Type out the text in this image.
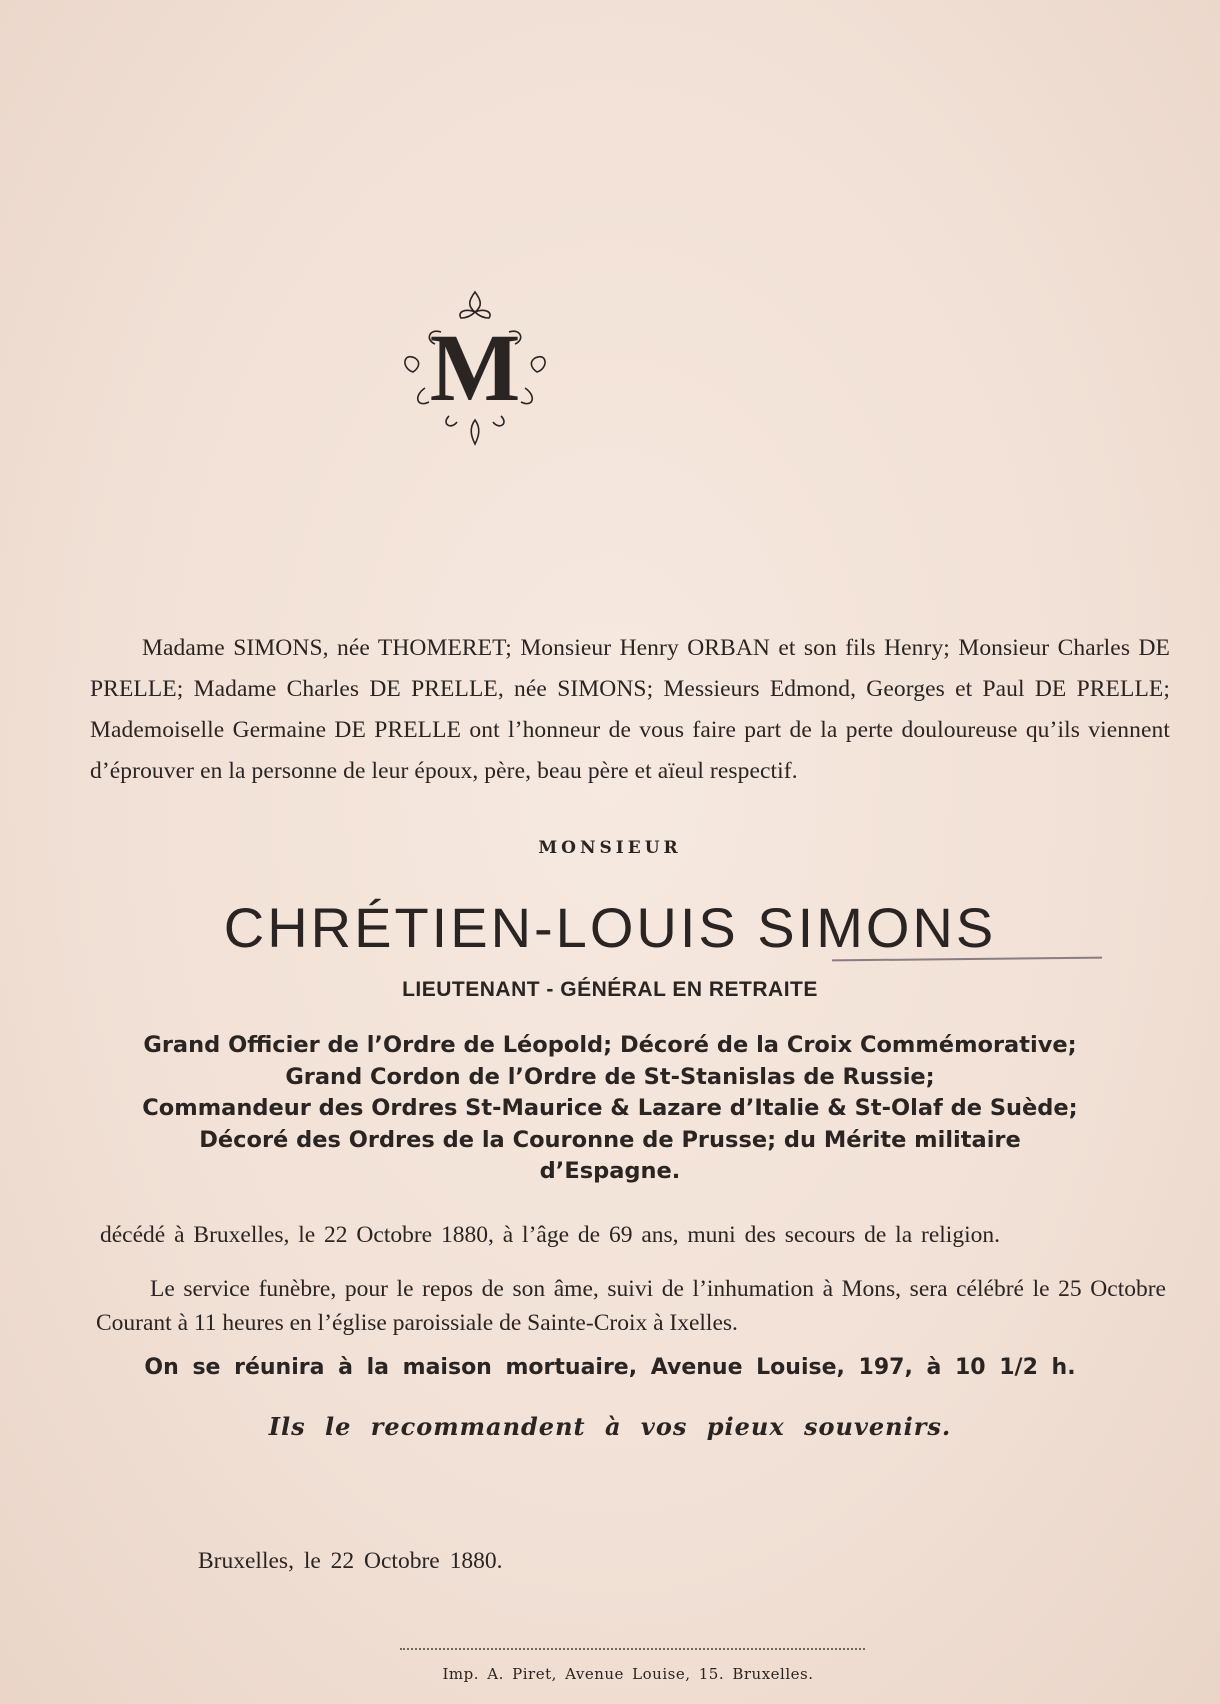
M

Madame SIMONS, née THOMERET; Monsieur Henry ORBAN et son fils Henry; Monsieur Charles DE PRELLE; Madame Charles DE PRELLE, née SIMONS; Messieurs Edmond, Georges et Paul DE PRELLE; Mademoiselle Germaine DE PRELLE ont l’honneur de vous faire part de la perte douloureuse qu’ils viennent d’éprouver en la personne de leur époux, père, beau père et aïeul respectif.

MONSIEUR
CHRÉTIEN-LOUIS SIMONS
LIEUTENANT - GÉNÉRAL EN RETRAITE
Grand Officier de l’Ordre de Léopold; Décoré de la Croix Commémorative;
Grand Cordon de l’Ordre de St-Stanislas de Russie;
Commandeur des Ordres St-Maurice & Lazare d’Italie & St-Olaf de Suède;
Décoré des Ordres de la Couronne de Prusse; du Mérite militaire
d’Espagne.
décédé à Bruxelles, le 22 Octobre 1880, à l’âge de 69 ans, muni des secours de la religion.

Le service funèbre, pour le repos de son âme, suivi de l’inhumation à Mons, sera célébré le 25 Octobre Courant à 11 heures en l’église paroissiale de Sainte-Croix à Ixelles.

On se réunira à la maison mortuaire, Avenue Louise, 197, à 10 1/2 h.
Ils le recommandent à vos pieux souvenirs.
Bruxelles, le 22 Octobre 1880.
Imp. A. Piret, Avenue Louise, 15. Bruxelles.
